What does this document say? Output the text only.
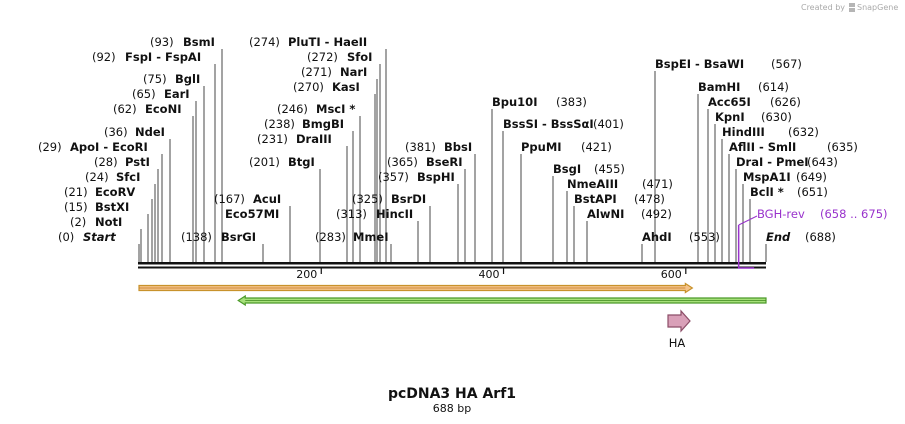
Created by SnapGene
200	400	600
(0) Start
(2) NotI
(15) BstXI
(21) EcoRV
(24) SfcI
(28) PstI
(29) ApoI - EcoRI
(36) NdeI
(62) EcoNI
(65) EarI
(75) BglI
(92) FspI - FspAI
(93) BsmI
(138) BsrGI
(167) AcuI
Eco57MI
(201) BtgI
(231) DraIII
(238) BmgBI
(246) MscI *
(270) KasI
(271) NarI
(272) SfoI
(274) PluTI - HaeII
(283) MmeI
(313) HincII
(325) BsrDI
(357) BspHI
(365) BseRI
(381) BbsI
(383)
Bpu10I
(401)
BssSI - BssSαI
(421)
PpuMI
(455)
BsgI
(471)
NmeAIII
(478)
BstAPI
(492)
AlwNI
(553)
AhdI
(567)
BspEI - BsaWI
(614)
BamHI
(626)
Acc65I
(630)
KpnI
(632)
HindIII
(635)
AflII - SmlI
(643)
DraI - PmeI
(649)
MspA1I
(651)
BclI *
(688)
End
BGH-rev (658 .. 675)
HA
pcDNA3 HA Arf1
688 bp
